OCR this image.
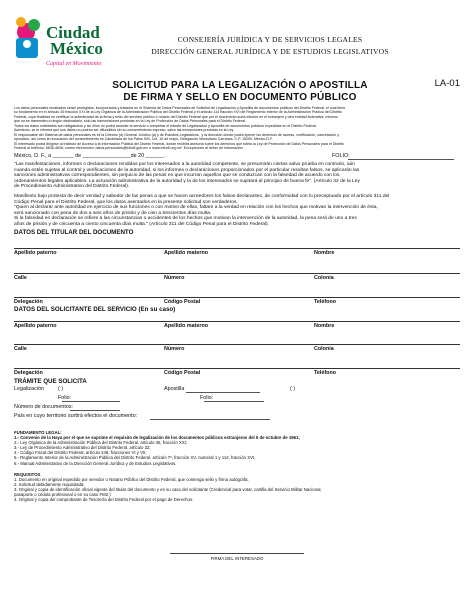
Ciudad
México
Capital en Movimiento
CONSEJERÍA JURÍDICA Y DE SERVICIOS LEGALES
DIRECCIÓN GENERAL JURÍDICA Y DE ESTUDIOS LEGISLATIVOS
LA-01
SOLICITUD PARA LA LEGALIZACIÓN O APOSTILLA
DE FIRMA Y SELLO EN DOCUMENTO PÚBLICO

Los datos personales recabados serán protegidos, incorporados y tratados en el Sistema de Datos Personales de Solicitud de Legalización y Apostilla de documentos públicos del Distrito Federal, el cual tiene

su fundamento en el artículo 35 fracción XXI de la Ley Orgánica de la Administración Pública del Distrito Federal y el artículo 114 fracción XVI del Reglamento Interior de la Administración Pública del Distrito

Federal, cuya finalidad es certificar la autenticidad de la firma y sello del servidor público o notario del Distrito Federal que por el documento surta efectos en el extranjero y otra entidad federativa, mismos

que no se transmiten a ningún destinatario, sólo las transmisiones previstas en la Ley de Protección de Datos Personales para el Distrito Federal.

Todos los datos solicitados son obligatorios y sin ellos no podrá acceder al servicio o completar el trámite de Legalización y Apostilla de documentos públicos expedidos en el Distrito Federal.

Asimismo, se le informa que sus datos no podrán ser difundidos sin su consentimiento expreso, salvo las excepciones previstas en la Ley.

El responsable del Sistema de datos personales es el/ la Director (a) General Jurídico (a) y de Estudios Legislativos., y la dirección donde podrá ejercer los derechos de acceso, rectificación, cancelación y

oposición, así como la revocación del consentimiento es Candelaria de los Patos S/N, Col. 10 de mayo, Delegación Venustiano Carranza, C.P. 15290, México D.F.

El interesado podrá dirigirse al Instituto de Acceso a la Información Pública del Distrito Federal, donde recibirá asesoría sobre los derechos que tutela la Ley de Protección de Datos Personales para el Distrito

Federal al teléfono: 5636-4636; correo electrónico: datos.personales@infodf.gob.mx o www.infodf.org.mx" Excepciones al deber de información.

México, D. F., a _______ de ________________de 20 ______.	FOLIO:

"Las manifestaciones, informes o declaraciones rendidas por los interesados a la autoridad competente, se presumirán ciertas salvo prueba en contrario, aún

cuando estén sujetas al control y verificaciones de la autoridad, si los informes o declaraciones proporcionados por el particular resultan falsos, se aplicarán las

sanciones administrativas correspondientes, sin perjuicio de las penas en que incurran aquellos que se conduzcan con la falsedad de acuerdo con los

ordenamientos legales aplicables. La actuación administrativa de la autoridad y la de los interesados se sujetará al principio de buena fe". (Artículo 32 de la Ley

de Procedimiento Administrativo del Distrito Federal).

Manifiesto bajo protesta de decir verdad y sabedor de las penas a que se hacen acreedores los falsos declarantes, de conformidad con lo preceptuado por el artículo 311 del

Código Penal para el Distrito Federal, que los datos asentados en la presente solicitud son verdaderos.

"Quien al declarar ante autoridad en ejercicio de sus funciones o con motivo de ellas, faltare a la verdad en relación con los hechos que motivan la intervención de ésta,

será sancionado con pena de dos a seis años de prisión y de cien a trescientos días multa.

Si la falsedad en declaración se refiere a las circunstancias o accidentes de los hechos que motivan la intervención de la autoridad, la pena será de uno a tres

años de prisión y de cincuenta a ciento cincuenta días multa." (Artículo 311 del Código Penal para el Distrito Federal).

DATOS DEL TITULAR DEL DOCUMENTO
Apellido paterno	Apellido materno	Nombre
Calle	Número	Colonia
Delegación	Código Postal	Teléfono
DATOS DEL SOLICITANTE DEL SERVICIO (En su caso)
Apellido paterno	Apellido materno	Nombre
Calle	Número	Colonia
Delegación	Código Postal	Teléfono
TRÁMITE QUE SOLICITA
Legalización	( )	Apostilla	( )
Folio:	Folio:
Número de documentos:
País en cuyo territorio surtirá efectos el documento:

FUNDAMENTO LEGAL:

1.- Convenio de la Haya por el que se suprime el requisito de legalización de los documentos públicos extranjeros del 5 de octubre de 1961;

2.- Ley Orgánica de la Administración Pública del Distrito Federal, artículo 35, fracción XXI;

3.- Ley de Procedimiento Administrativo del Distrito Federal, artículo 32;

4.- Código Fiscal del Distrito Federal, artículo 248, fracciones VI y VII;

5.- Reglamento Interior de la Administración Pública del Distrito Federal, artículo 7º, fracción XV, numeral 1 y 114, fracción XVI.

6.- Manual Administrativo de la Dirección General Jurídica y de Estudios Legislativos.

REQUISITOS

1. Documento en original expedido por servidor o Notario Público del Distrito Federal, que contenga sello y firma autógrafa;

2. Solicitud debidamente requisitada;

3. Original y copia de identificación oficial vigente del titular del documento y en su caso del solicitante (Credencial para votar, cartilla del Servicio Militar Nacional,

pasaporte o cédula profesional o en su caso FM2.)

4. Original y copia del comprobante de Tesorería del Distrito Federal por el pago de Derechos.

FIRMA DEL INTERESADO
